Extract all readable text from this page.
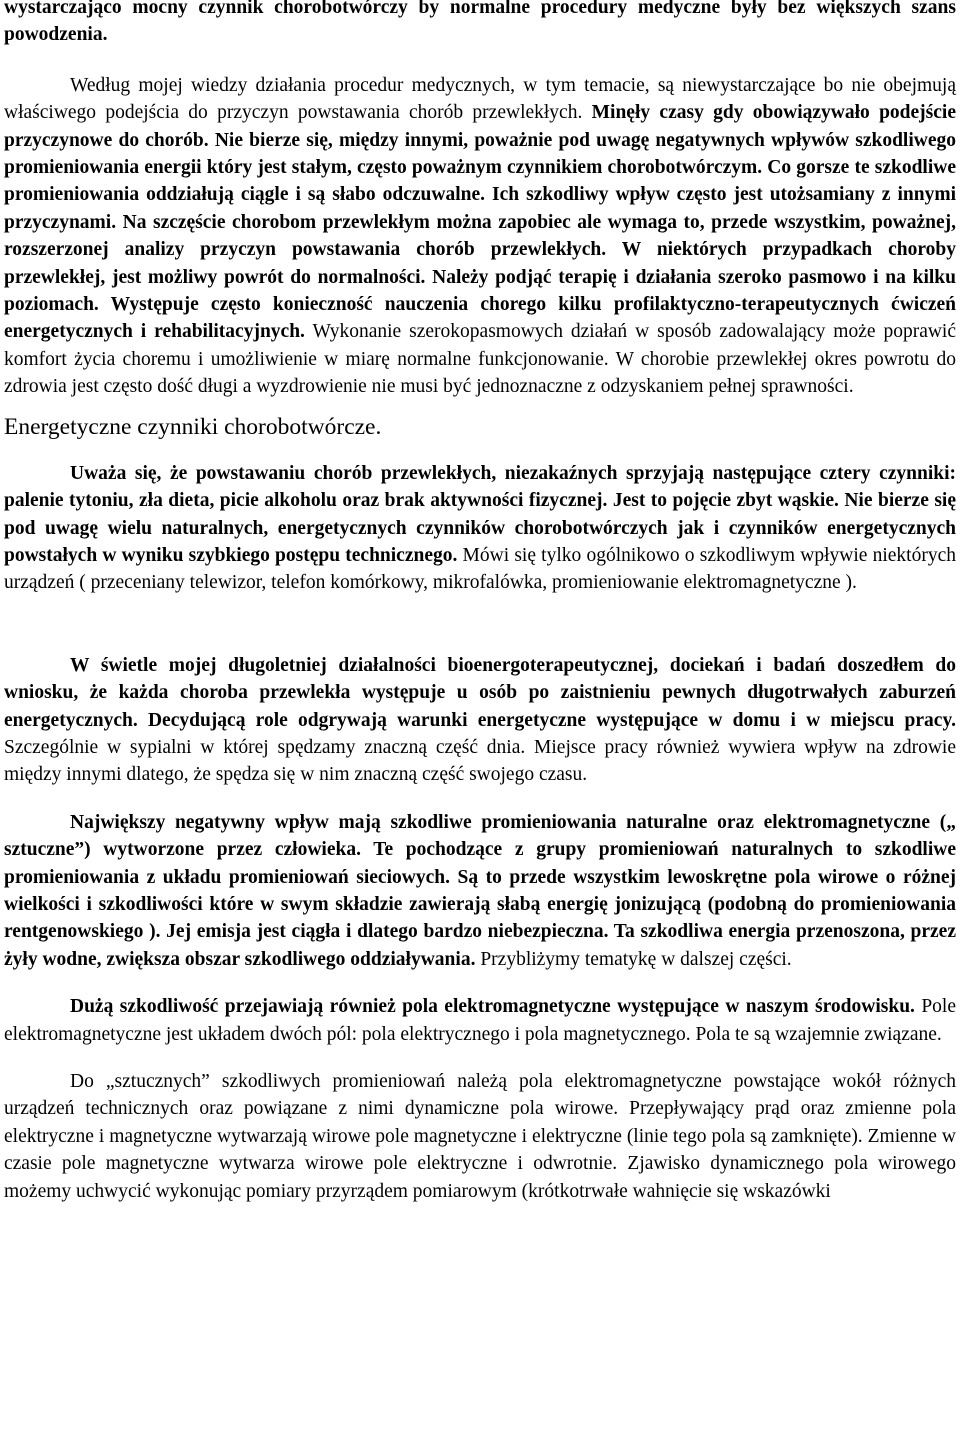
wystarczająco mocny czynnik chorobotwórczy by normalne procedury medyczne były bez większych szans powodzenia.

Według mojej wiedzy działania procedur medycznych, w tym temacie, są niewystarczające bo nie obejmują właściwego podejścia do przyczyn powstawania chorób przewlekłych. Minęły czasy gdy obowiązywało podejście przyczynowe do chorób. Nie bierze się, między innymi, poważnie pod uwagę negatywnych wpływów szkodliwego promieniowania energii który jest stałym, często poważnym czynnikiem chorobotwórczym. Co gorsze te szkodliwe promieniowania oddziałują ciągle i są słabo odczuwalne. Ich szkodliwy wpływ często jest utożsamiany z innymi przyczynami. Na szczęście chorobom przewlekłym można zapobiec ale wymaga to, przede wszystkim, poważnej, rozszerzonej analizy przyczyn powstawania chorób przewlekłych. W niektórych przypadkach choroby przewlekłej, jest możliwy powrót do normalności. Należy podjąć terapię i działania szeroko pasmowo i na kilku poziomach. Występuje często konieczność nauczenia chorego kilku profilaktyczno-terapeutycznych ćwiczeń energetycznych i rehabilitacyjnych. Wykonanie szerokopasmowych działań w sposób zadowalający może poprawić komfort życia choremu i umożliwienie w miarę normalne funkcjonowanie. W chorobie przewlekłej okres powrotu do zdrowia jest często dość długi a wyzdrowienie nie musi być jednoznaczne z odzyskaniem pełnej sprawności.

Energetyczne czynniki chorobotwórcze.

Uważa się, że powstawaniu chorób przewlekłych, niezakaźnych sprzyjają następujące cztery czynniki: palenie tytoniu, zła dieta, picie alkoholu oraz brak aktywności fizycznej. Jest to pojęcie zbyt wąskie. Nie bierze się pod uwagę wielu naturalnych, energetycznych czynników chorobotwórczych jak i czynników energetycznych powstałych w wyniku szybkiego postępu technicznego. Mówi się tylko ogólnikowo o szkodliwym wpływie niektórych urządzeń ( przeceniany telewizor, telefon komórkowy, mikrofalówka, promieniowanie elektromagnetyczne ).

W świetle mojej długoletniej działalności bioenergoterapeutycznej, dociekań i badań doszedłem do wniosku, że każda choroba przewlekła występuje u osób po zaistnieniu pewnych długotrwałych zaburzeń energetycznych. Decydującą role odgrywają warunki energetyczne występujące w domu i w miejscu pracy. Szczególnie w sypialni w której spędzamy znaczną część dnia. Miejsce pracy również wywiera wpływ na zdrowie między innymi dlatego, że spędza się w nim znaczną część swojego czasu.

Największy negatywny wpływ mają szkodliwe promieniowania naturalne oraz elektromagnetyczne („ sztuczne”) wytworzone przez człowieka. Te pochodzące z grupy promieniowań naturalnych to szkodliwe promieniowania z układu promieniowań sieciowych. Są to przede wszystkim lewoskrętne pola wirowe o różnej wielkości i szkodliwości które w swym składzie zawierają słabą energię jonizującą (podobną do promieniowania rentgenowskiego ). Jej emisja jest ciągła i dlatego bardzo niebezpieczna. Ta szkodliwa energia przenoszona, przez żyły wodne, zwiększa obszar szkodliwego oddziaływania. Przybliżymy tematykę w dalszej części.

Dużą szkodliwość przejawiają również pola elektromagnetyczne występujące w naszym środowisku. Pole elektromagnetyczne jest układem dwóch pól: pola elektrycznego i pola magnetycznego. Pola te są wzajemnie związane.

Do „sztucznych” szkodliwych promieniowań należą pola elektromagnetyczne powstające wokół różnych urządzeń technicznych oraz powiązane z nimi dynamiczne pola wirowe. Przepływający prąd oraz zmienne pola elektryczne i magnetyczne wytwarzają wirowe pole magnetyczne i elektryczne (linie tego pola są zamknięte). Zmienne w czasie pole magnetyczne wytwarza wirowe pole elektryczne i odwrotnie. Zjawisko dynamicznego pola wirowego możemy uchwycić wykonując pomiary przyrządem pomiarowym (krótkotrwałe wahnięcie się wskazówki
